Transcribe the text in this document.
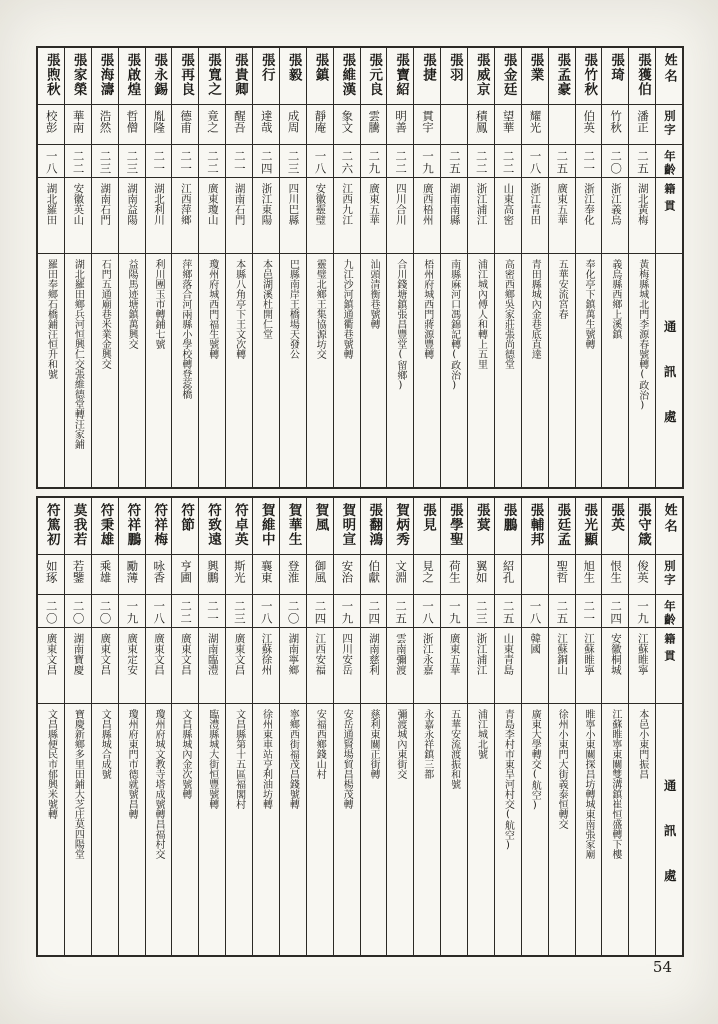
張煦秋
校彭
一八
湖北羅田
羅田奉鄉石橋鋪汪恒升和號
張家榮
華南
二二
安徽英山
湖北羅田鄉兵河恒興仁交張維德堂轉汪家鋪
張海濤
浩然
二三
湖南石門
石門五通廟巷米業金興交
張啟煌
哲僧
二三
湖南益陽
益陽馬迹塘鎮萬興交
張永錫
胤隆
二一
湖北利川
利川團玉市轉鋪七號
張再良
德甫
二一
江西萍鄉
萍鄉落合河兩縣小學校轉登蕊橋
張寬之
竟之
二二
廣東瓊山
瓊州府城西門福生號轉
張貴卿
醒吾
二一
湖南石門
本縣八角亭下王文次轉
張行
達哉
二四
浙江東陽
本邑湖溪杜開仁堂
張毅
成周
二三
四川巴縣
巴縣南岸王橋場天發公
張鎮
靜庵
一八
安徽靈璧
靈璧北鄉王集協源坊交
張維漢
象文
二六
江西九江
九江沙河鎮通衢巷號轉
張元良
雲騰
二九
廣東五華
汕頭清衡巷號轉
張寶紹
明善
二二
四川合川
合川錢塘鎮張昌豐堂(留鄉)
張捷
貫宇
一九
廣西梧州
梧州府城西門蔣源豐轉
張羽
二五
湖南南縣
南縣麻河口馮錦記轉(政治)
張威京
積鳳
二二
浙江浦江
浦江城內傅人和轉上五里
張金廷
望華
二二
山東高密
高密西鄉吳家莊張尚德堂
張業
耀光
一八
浙江青田
青田縣城內金巷底直達
張孟豪
二五
廣東五華
五華安流宮春
張竹秋
伯英
二一
浙江奉化
奉化亭下鎮萬生號轉
張琦
竹秋
二〇
浙江義烏
義烏縣西鄉上溪鎮
張獲伯
潘正
二五
湖北黃梅
黃梅縣城北門李源春號轉(政治)
姓名
別字
年齡
籍貫
通訊處
符篤初
如琢
二〇
廣東文昌
文昌縣便民市郁興米號轉
莫我若
若鑒
二〇
湖南寶慶
寶慶新鄉多里田鋪大芝庄莫四陽堂
符秉雄
乘雄
二〇
廣東文昌
文昌縣城合成號
符祥鵬
勵薄
一九
廣東定安
瓊州府東門市德就號昌轉
符祥梅
咏香
一八
廣東文昌
瓊州府城文教寺塔成號轉昌福村交
符節
亨圃
二二
廣東文昌
文昌縣城內金次號轉
符致遠
興鵬
二一
湖南臨澧
臨澧縣城大街恒豐號轉
符卓英
斯光
二三
廣東文昌
文昌縣第十五區福閣村
賀維中
襄東
一八
江蘇徐州
徐州東車站亨利油坊轉
賀華生
登淮
二〇
湖南寧鄉
寧鄉西街福茂昌錢號轉
賀風
御風
二四
江西安福
安福西鄉錢山村
賀明宣
安治
一九
四川安岳
安岳通賢場貿昌楊茂轉
張翻鴻
伯獻
二四
湖南慈利
慈利東關正街轉
賀炳秀
文淵
二五
雲南彌渡
彌渡城內東街交
張見
見之
一八
浙江永嘉
永嘉永祥鎮三都
張學聖
荷生
一九
廣東五華
五華安流渡振和號
張蓂
翼如
二三
浙江浦江
浦江城北號
張鵬
紹孔
二五
山東青島
青島李村市東旱河村交(航空)
張輔邦
一八
韓國
廣東大學轉交(航空)
張廷孟
聖哲
二五
江蘇銅山
徐州小東門大街義泰恒轉交
張光顯
旭生
二一
江蘇睢寧
睢寧小東關探昌坊轉城東南張家廟
張英
恨生
二四
安徽桐城
江蘇睢寧東關雙溝鎮崔恒盛轉下樓
張守箴
俊英
一九
江蘇睢寧
本邑小東門振昌
姓名
別字
年齡
籍貫
通訊處
54
